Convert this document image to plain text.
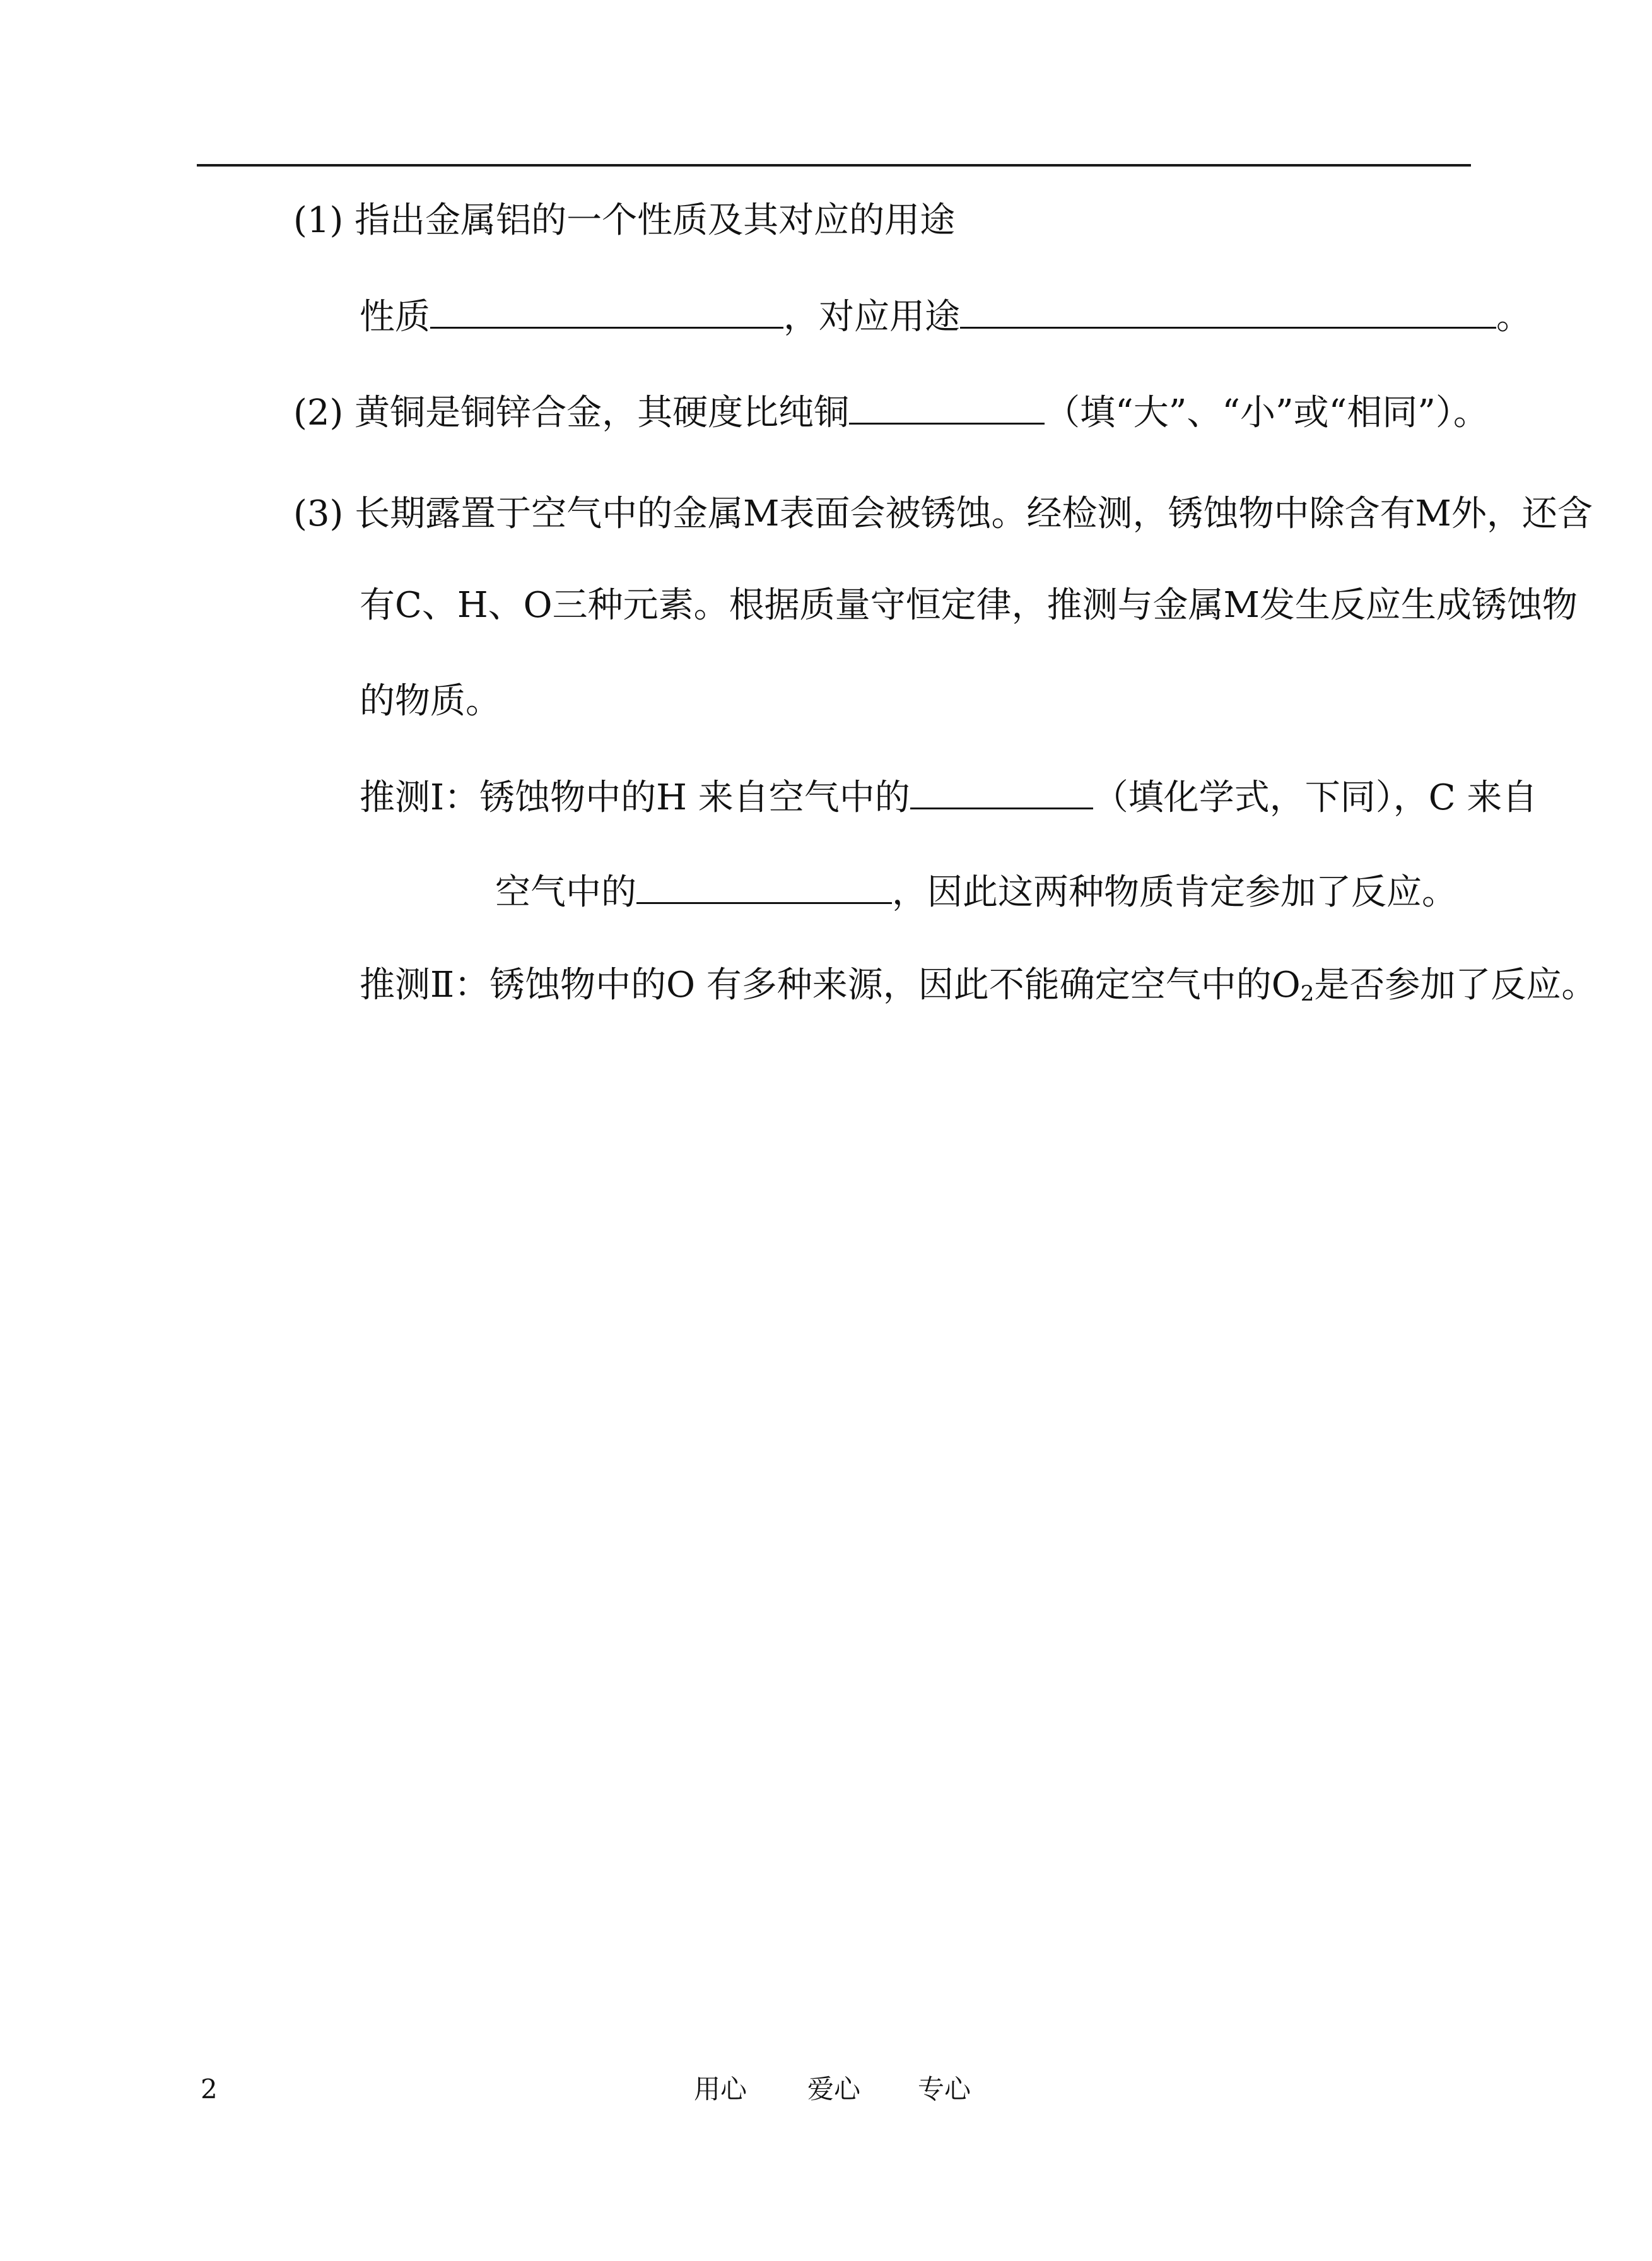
(1) 指出金属铝的一个性质及其对应的用途
性质	，对应用途	。
(2) 黄铜是铜锌合金，其硬度比纯铜	（填“大”、“小”或“相同”）。
(3) 长期露置于空气中的金属M表面会被锈蚀。经检测，锈蚀物中除含有M外，还含
有C、H、O三种元素。根据质量守恒定律，推测与金属M发生反应生成锈蚀物
的物质。
推测Ⅰ：锈蚀物中的H 来自空气中的	（填化学式，下同），C 来自
空气中的	，因此这两种物质肯定参加了反应。
推测Ⅱ：锈蚀物中的O 有多种来源，因此不能确定空气中的$O_2$是否参加了反应。
2	用心 爱心 专心
